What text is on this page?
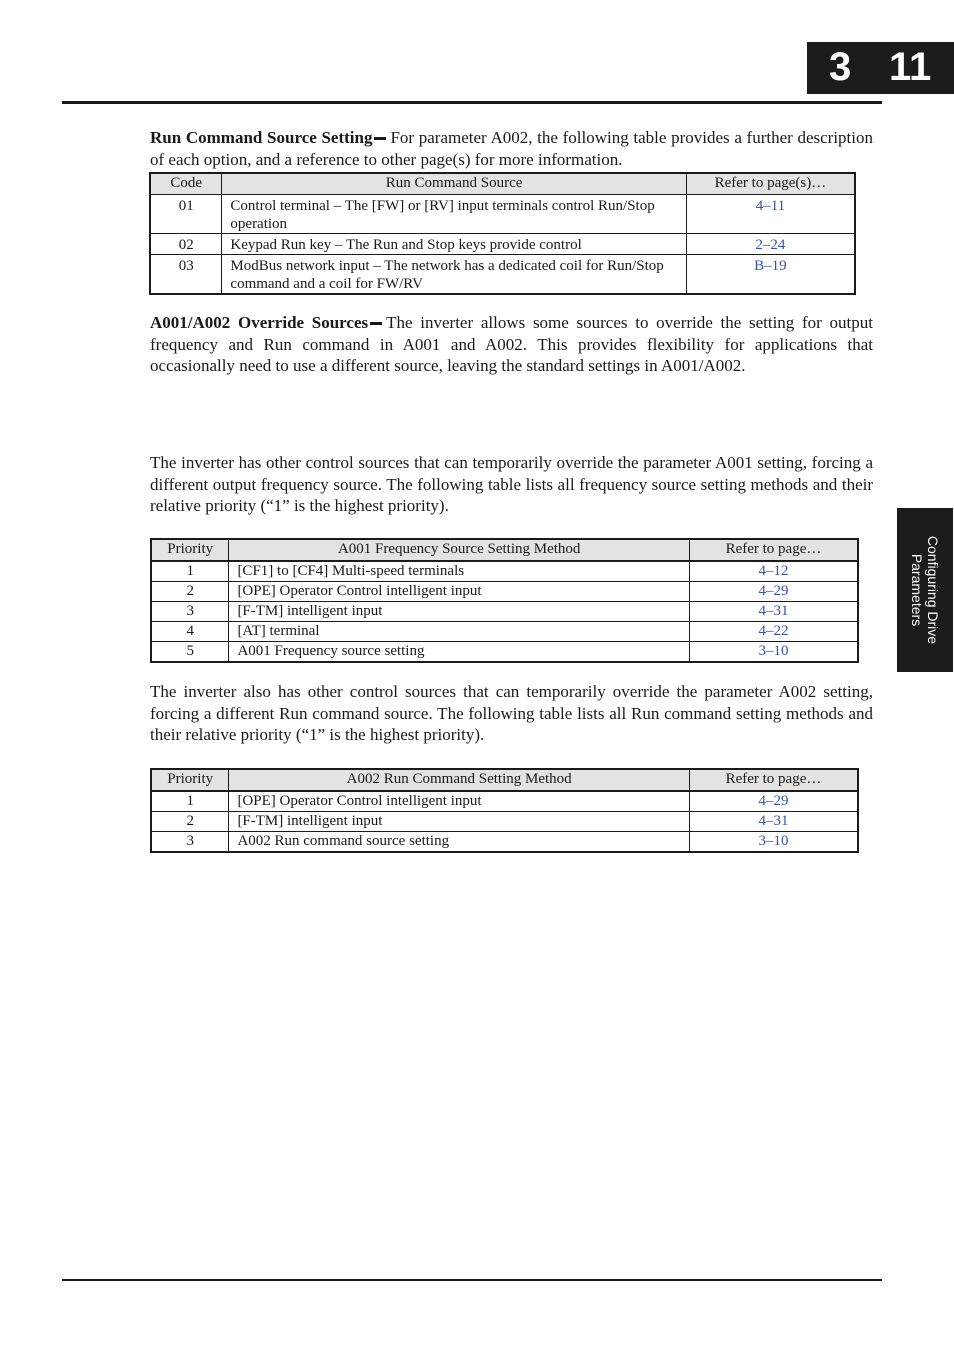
3 11
Configuring Drive
Parameters

Run Command Source Setting For parameter A002, the following table provides a further description of each option, and a reference to other page(s) for more information.

Code	Run Command Source	Refer to page(s)…
01	Control terminal – The [FW] or [RV] input terminals control Run/Stop operation	4–11
02	Keypad Run key – The Run and Stop keys provide control	2–24
03	ModBus network input – The network has a dedicated coil for Run/Stop command and a coil for FW/RV	B–19

A001/A002 Override Sources The inverter allows some sources to override the setting for output frequency and Run command in A001 and A002. This provides flexibility for applications that occasionally need to use a different source, leaving the standard settings in A001/A002.

The inverter has other control sources that can temporarily override the parameter A001 setting, forcing a different output frequency source. The following table lists all frequency source setting methods and their relative priority (“1” is the highest priority).

Priority	A001 Frequency Source Setting Method	Refer to page…
1	[CF1] to [CF4] Multi-speed terminals	4–12
2	[OPE] Operator Control intelligent input	4–29
3	[F-TM] intelligent input	4–31
4	[AT] terminal	4–22
5	A001 Frequency source setting	3–10

The inverter also has other control sources that can temporarily override the parameter A002 setting, forcing a different Run command source. The following table lists all Run command setting methods and their relative priority (“1” is the highest priority).

Priority	A002 Run Command Setting Method	Refer to page…
1	[OPE] Operator Control intelligent input	4–29
2	[F-TM] intelligent input	4–31
3	A002 Run command source setting	3–10
